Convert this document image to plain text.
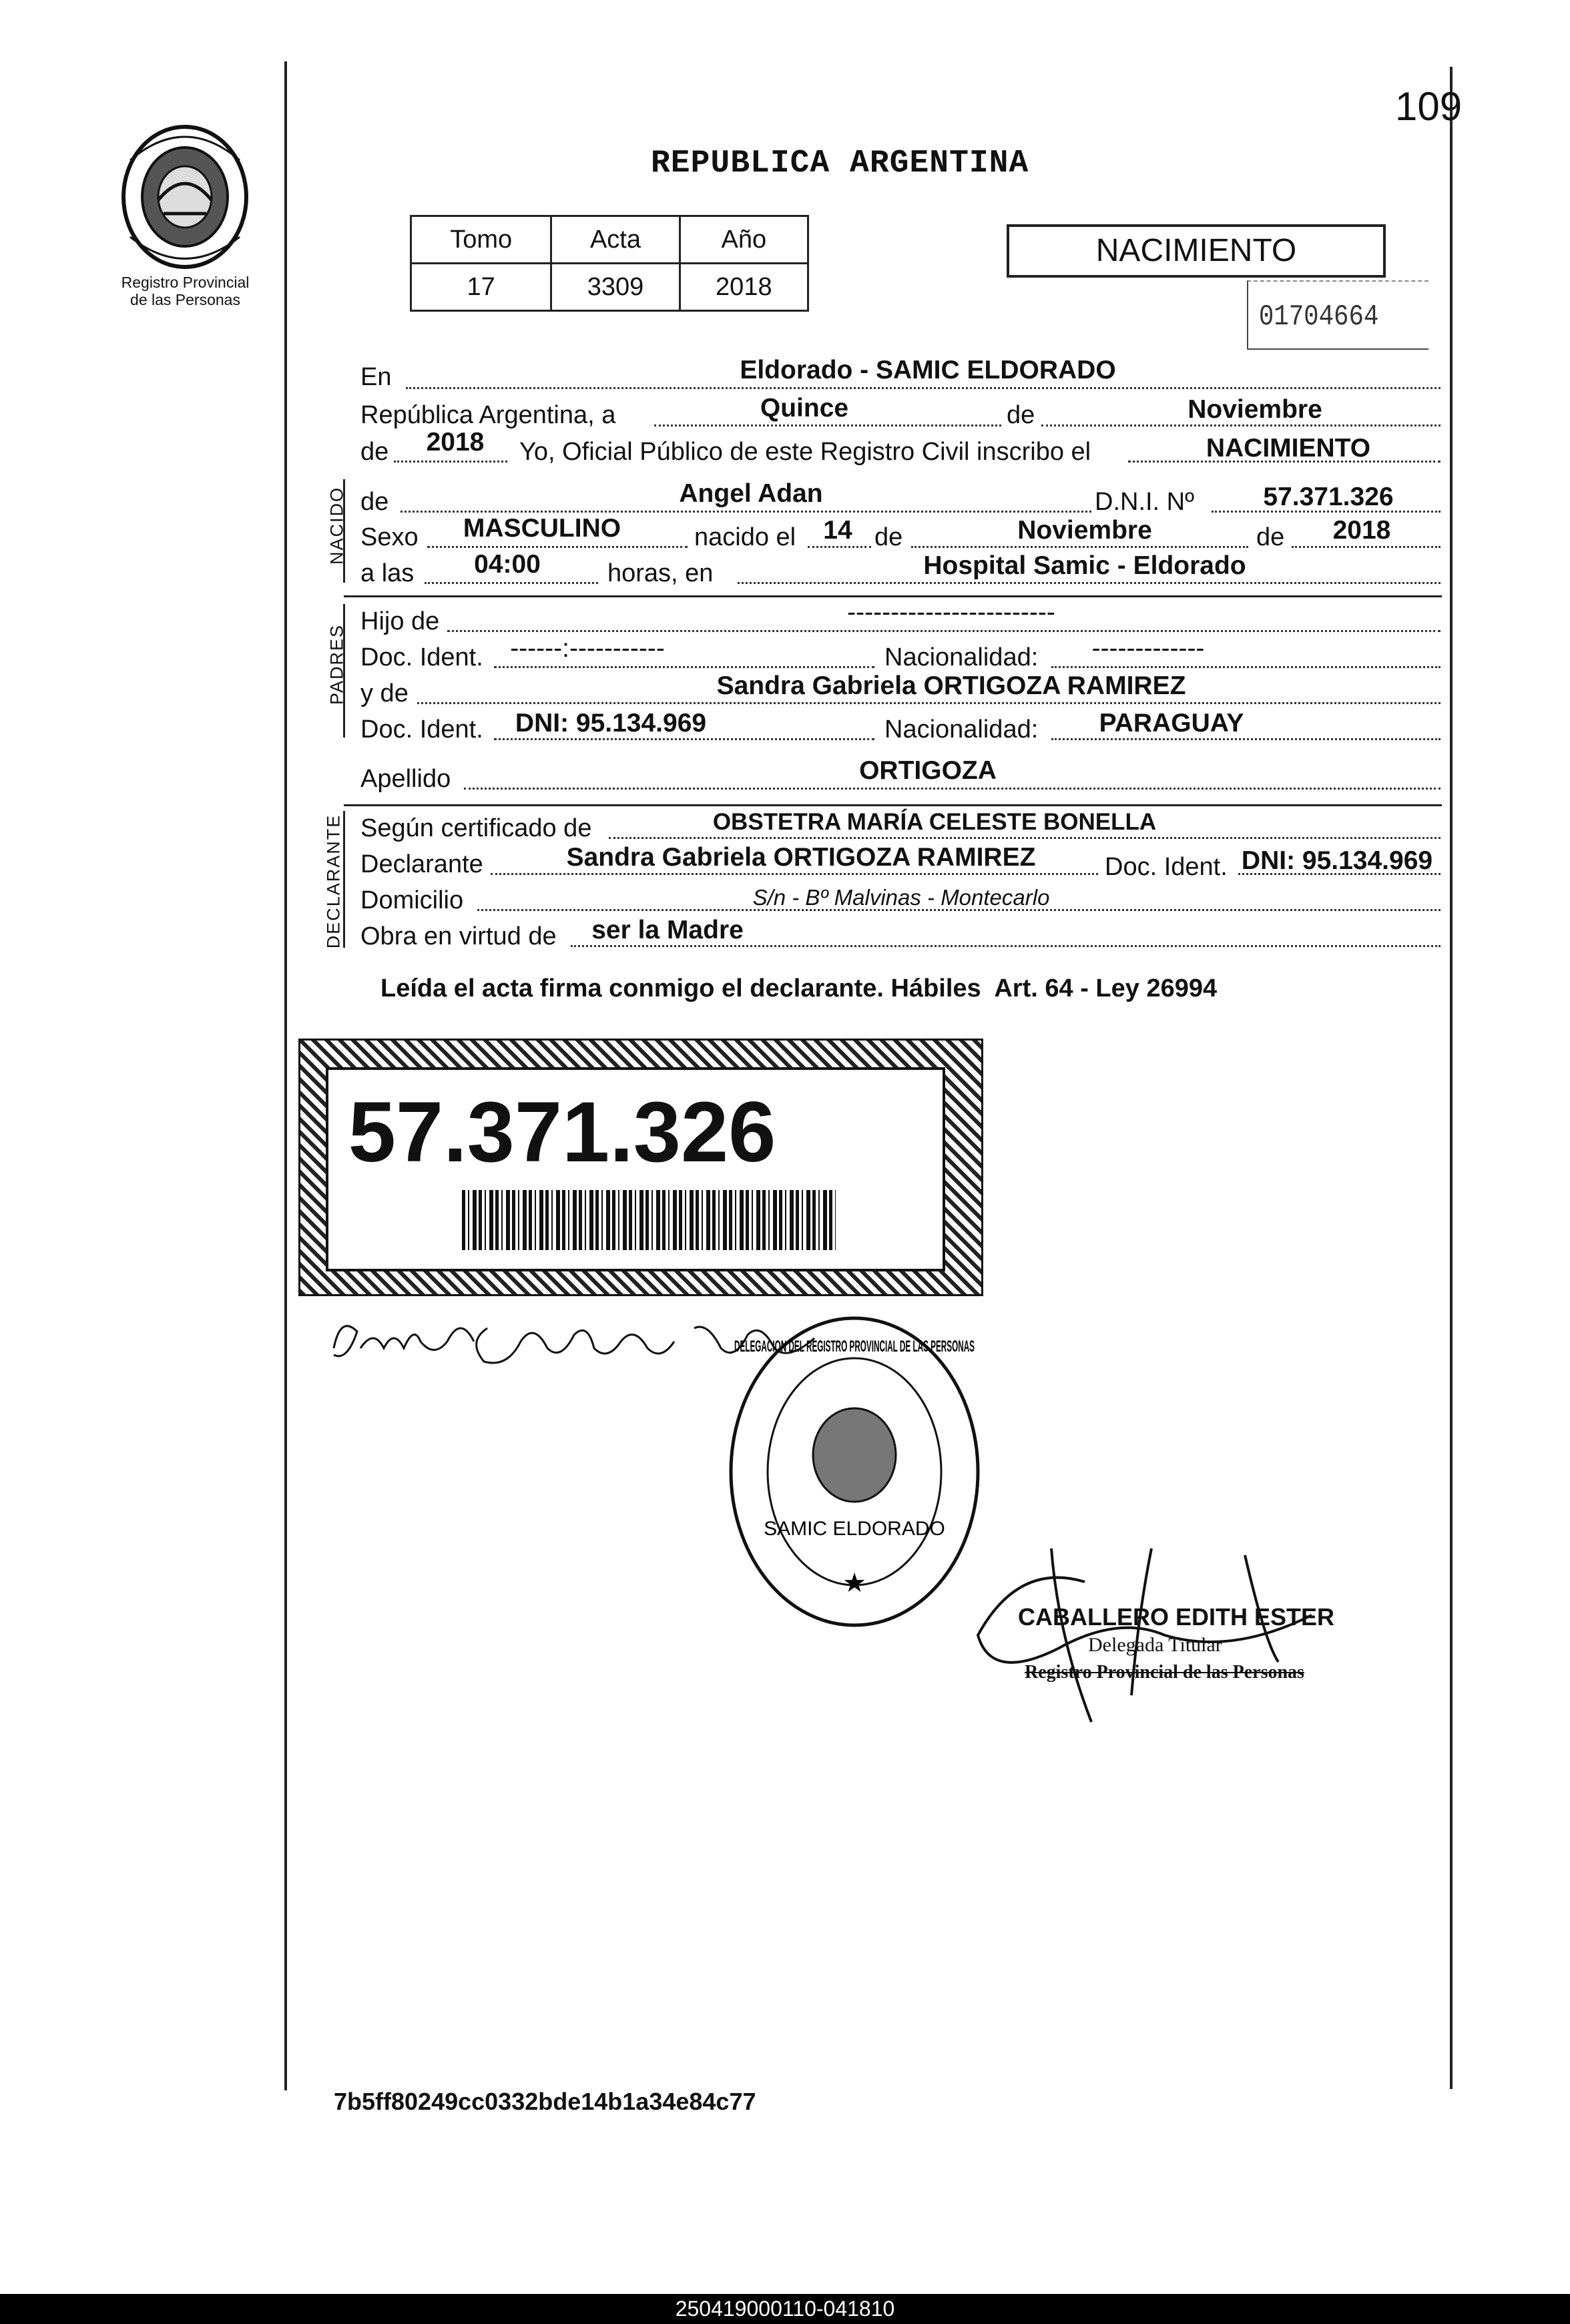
Registro Provincial
de las Personas
109
REPUBLICA ARGENTINA
Tomo	Acta	Año
17	3309	2018
NACIMIENTO
01704664
En	Eldorado - SAMIC ELDORADO
República Argentina, a	Quince	de	Noviembre
de 2018 Yo, Oficial Público de este Registro Civil inscribo el	NACIMIENTO
NACIDO de	Angel Adan	D.N.I. Nº	57.371.326
Sexo MASCULINO	nacido el 14 de	Noviembre	de 2018
a las 04:00	horas, en	Hospital Samic - Eldorado
PADRES
Hijo de	------------------------
Doc. Ident. ------:-----------	Nacionalidad: -------------
y de	Sandra Gabriela ORTIGOZA RAMIREZ
Doc. Ident. DNI: 95.134.969	Nacionalidad: PARAGUAY
Apellido	ORTIGOZA
DECLARANTE Según certificado de	OBSTETRA MARÍA CELESTE BONELLA
Declarante	Sandra Gabriela ORTIGOZA RAMIREZ	Doc. Ident. DNI: 95.134.969
Domicilio	S/n - Bº Malvinas - Montecarlo
Obra en virtud de ser la Madre
Leída el acta firma conmigo el declarante. Hábiles  Art. 64 - Ley 26994
57.371.326
DELEGACION DEL REGISTRO PROVINCIAL DE LAS PERSONAS
SAMIC ELDORADO
★
CABALLERO EDITH ESTER
Delegada Titular
Registro Provincial de las Personas
7b5ff80249cc0332bde14b1a34e84c77
250419000110-041810
